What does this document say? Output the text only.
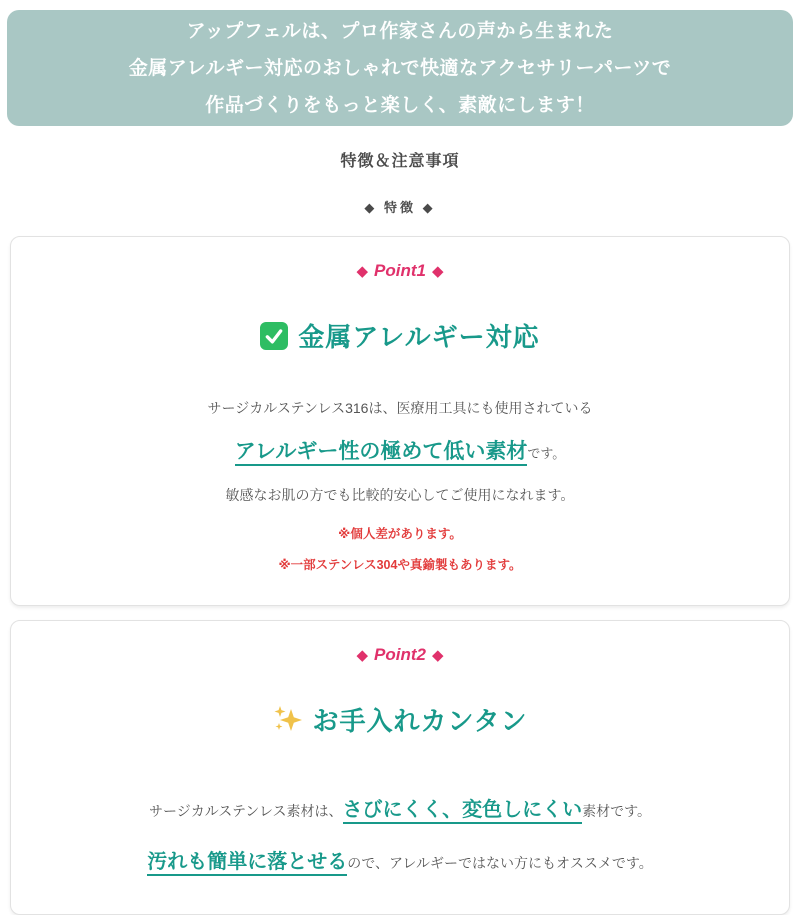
アップフェルは、プロ作家さんの声から生まれた
金属アレルギー対応のおしゃれで快適なアクセサリーパーツで
作品づくりをもっと楽しく、素敵にします！
特徴＆注意事項
◆ 特徴 ◆
◆ Point1 ◆
金属アレルギー対応

サージカルステンレス316は、医療用工具にも使用されている

アレルギー性の極めて低い素材です。

敏感なお肌の方でも比較的安心してご使用になれます。

※個人差があります。

※一部ステンレス304や真鍮製もあります。

◆ Point2 ◆
お手入れカンタン

サージカルステンレス素材は、さびにくく、変色しにくい素材です。

汚れも簡単に落とせるので、アレルギーではない方にもオススメです。
